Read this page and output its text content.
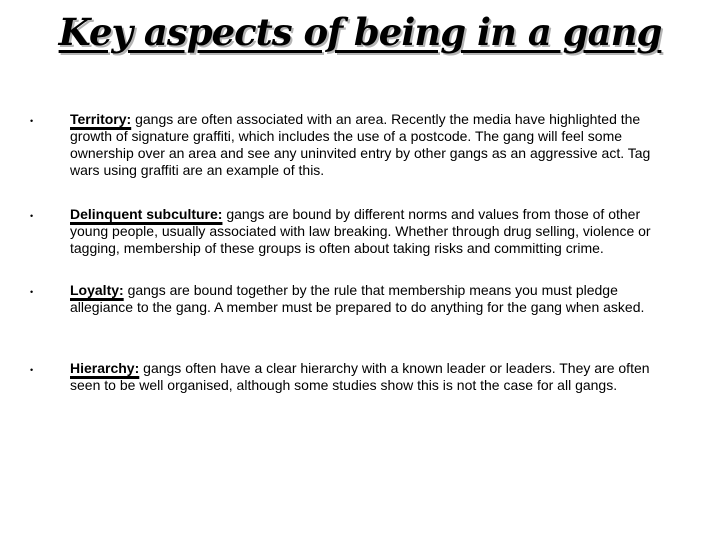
Key aspects of being in a gang
•	Territory: gangs are often associated with an area. Recently the media have highlighted the growth of signature graffiti, which includes the use of a postcode. The gang will feel some ownership over an area and see any uninvited entry by other gangs as an aggressive act. Tag wars using graffiti are an example of this.

•	Delinquent subculture: gangs are bound by different norms and values from those of other young people, usually associated with law breaking. Whether through drug selling, violence or tagging, membership of these groups is often about taking risks and committing crime.

•	Loyalty: gangs are bound together by the rule that membership means you must pledge allegiance to the gang. A member must be prepared to do anything for the gang when asked.

•	Hierarchy: gangs often have a clear hierarchy with a known leader or leaders. They are often seen to be well organised, although some studies show this is not the case for all gangs.
